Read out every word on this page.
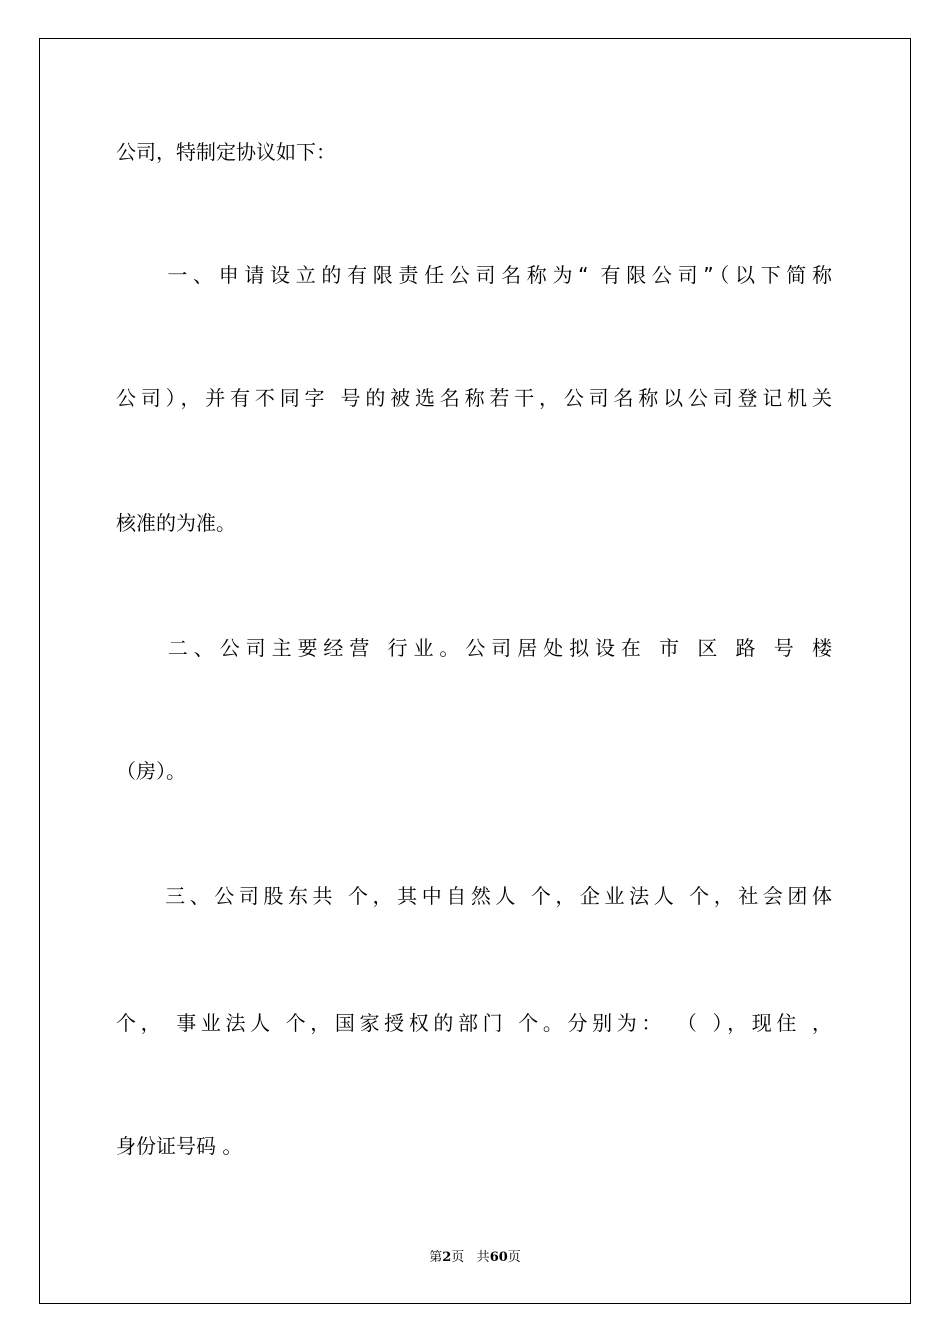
公司，特制定协议如下：
　　一、申请设立的有限责任公司名称为“ 有限公司”（以下简称
公司），并有不同字 号的被选名称若干，公司名称以公司登记机关
核准的为准。
　　二、公司主要经营 行业。公司居处拟设在 市 区 路 号 楼
（房）。
　　三、公司股东共 个，其中自然人 个，企业法人 个，社会团体
个， 事业法人 个，国家授权的部门 个。分别为： （ ），现住 ，
身份证号码 。
第2页 共60页
